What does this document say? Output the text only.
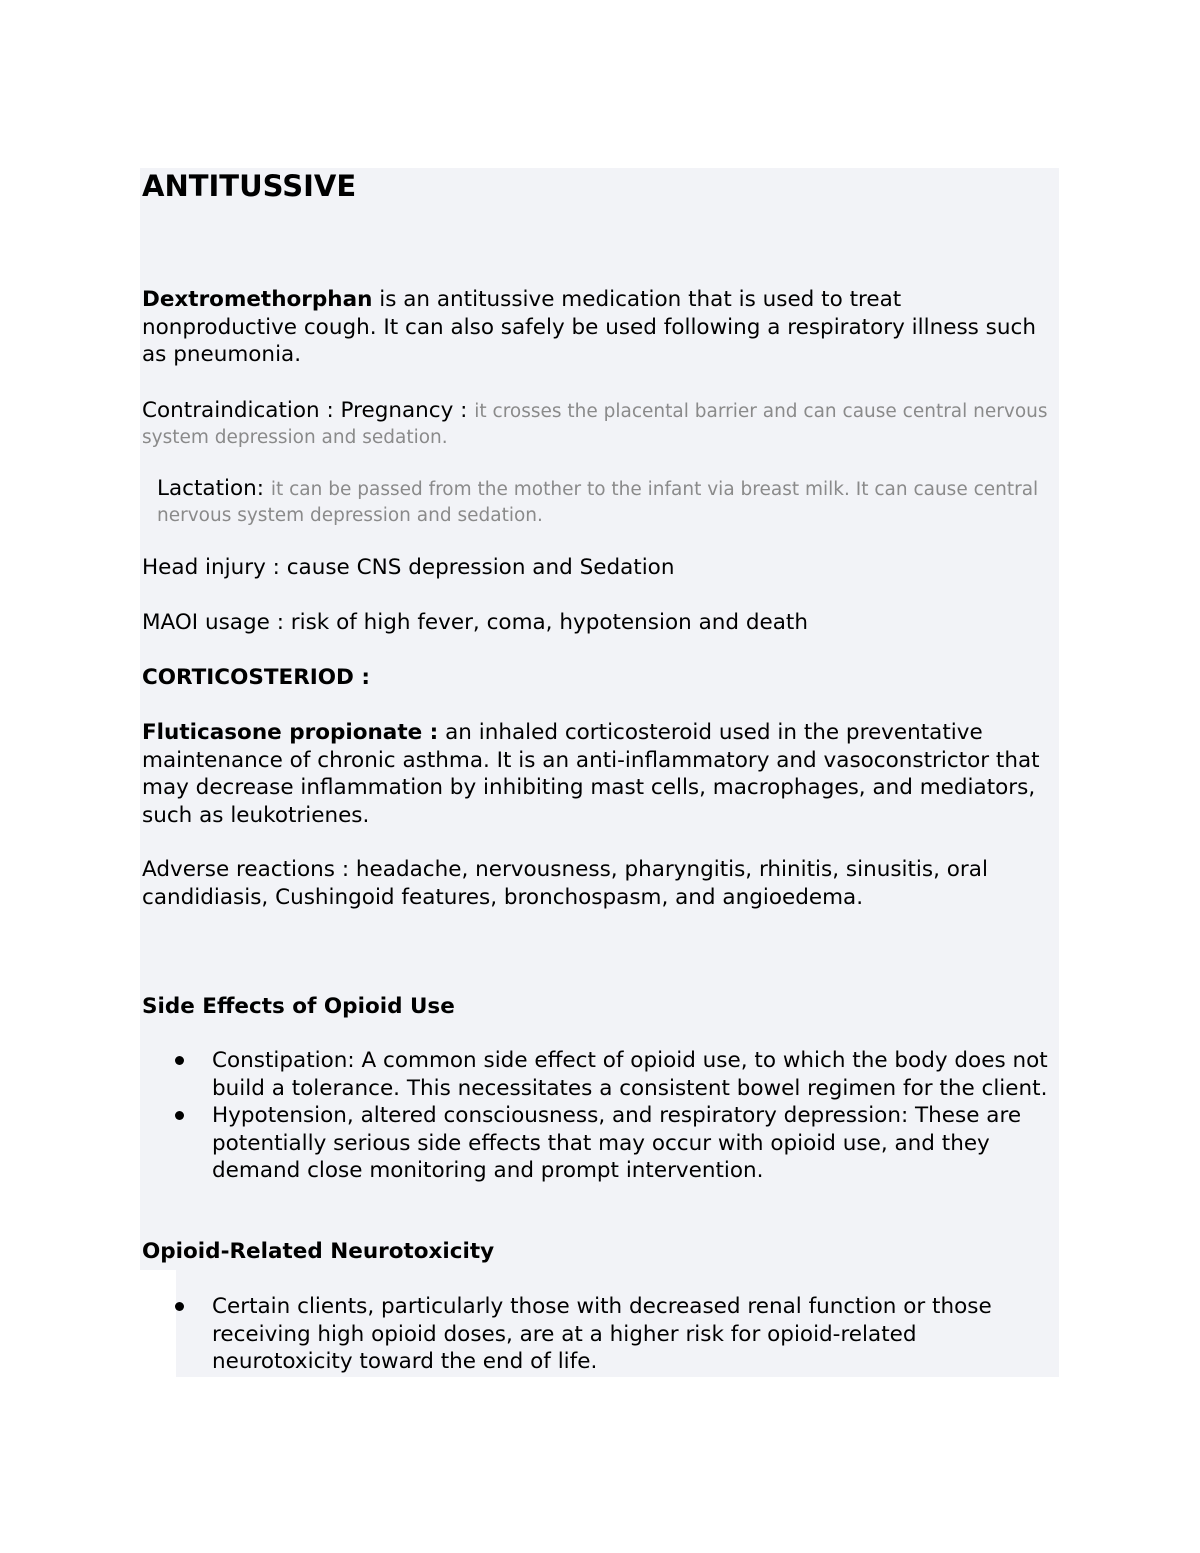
ANTITUSSIVE

Dextromethorphan is an antitussive medication that is used to treat nonproductive cough. It can also safely be used following a respiratory illness such as pneumonia.

Contraindication : Pregnancy : it crosses the placental barrier and can cause central nervous system depression and sedation.

Lactation: it can be passed from the mother to the infant via breast milk. It can cause central nervous system depression and sedation.

Head injury : cause CNS depression and Sedation

MAOI usage : risk of high fever, coma, hypotension and death

CORTICOSTERIOD :

Fluticasone propionate : an inhaled corticosteroid used in the preventative maintenance of chronic asthma. It is an anti-inflammatory and vasoconstrictor that may decrease inflammation by inhibiting mast cells, macrophages, and mediators, such as leukotrienes.

Adverse reactions : headache, nervousness, pharyngitis, rhinitis, sinusitis, oral candidiasis, Cushingoid features, bronchospasm, and angioedema.

Side Effects of Opioid Use

Constipation: A common side effect of opioid use, to which the body does not build a tolerance. This necessitates a consistent bowel regimen for the client.
Hypotension, altered consciousness, and respiratory depression: These are potentially serious side effects that may occur with opioid use, and they demand close monitoring and prompt intervention.

Opioid-Related Neurotoxicity

Certain clients, particularly those with decreased renal function or those receiving high opioid doses, are at a higher risk for opioid-related neurotoxicity toward the end of life.
